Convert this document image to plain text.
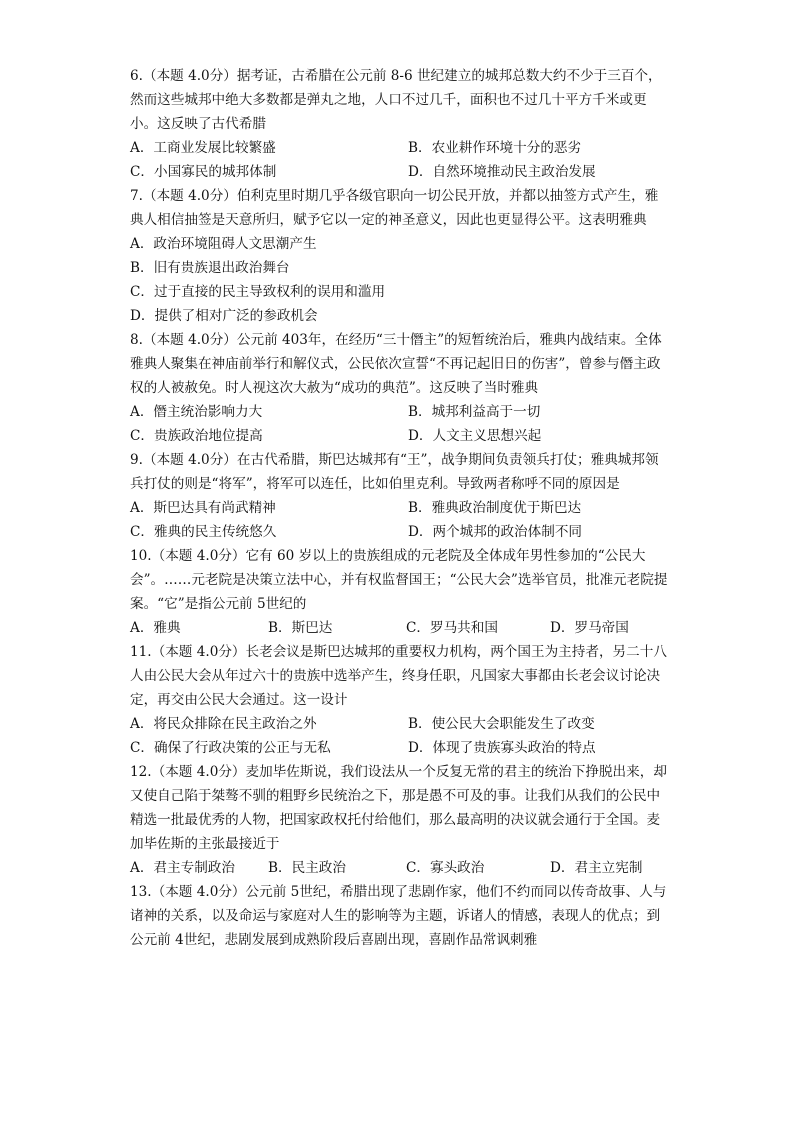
6.（本题 4.0分）据考证，古希腊在公元前 8-6 世纪建立的城邦总数大约不少于三百个，然而这些城邦中绝大多数都是弹丸之地，人口不过几千，面积也不过几十平方千米或更小。这反映了古代希腊

A．工商业发展比较繁盛	B．农业耕作环境十分的恶劣
C．小国寡民的城邦体制	D．自然环境推动民主政治发展

7.（本题 4.0分）伯利克里时期几乎各级官职向一切公民开放，并都以抽签方式产生，雅典人相信抽签是天意所归，赋予它以一定的神圣意义，因此也更显得公平。这表明雅典

A．政治环境阻碍人文思潮产生
B．旧有贵族退出政治舞台
C．过于直接的民主导致权利的误用和滥用
D．提供了相对广泛的参政机会

8.（本题 4.0分）公元前 403年，在经历“三十僭主”的短暂统治后，雅典内战结束。全体雅典人聚集在神庙前举行和解仪式，公民依次宣誓“不再记起旧日的伤害”，曾参与僭主政权的人被赦免。时人视这次大赦为“成功的典范”。这反映了当时雅典

A．僭主统治影响力大	B．城邦利益高于一切
C．贵族政治地位提高	D．人文主义思想兴起

9.（本题 4.0分）在古代希腊，斯巴达城邦有“王”，战争期间负责领兵打仗；雅典城邦领兵打仗的则是“将军”，将军可以连任，比如伯里克利。导致两者称呼不同的原因是

A．斯巴达具有尚武精神	B．雅典政治制度优于斯巴达
C．雅典的民主传统悠久	D．两个城邦的政治体制不同

10.（本题 4.0分）它有 60 岁以上的贵族组成的元老院及全体成年男性参加的“公民大会”。……元老院是决策立法中心，并有权监督国王；“公民大会”选举官员，批准元老院提案。“它”是指公元前 5世纪的

A．雅典	B．斯巴达	C．罗马共和国	D．罗马帝国

11.（本题 4.0分）长老会议是斯巴达城邦的重要权力机构，两个国王为主持者，另二十八人由公民大会从年过六十的贵族中选举产生，终身任职，凡国家大事都由长老会议讨论决定，再交由公民大会通过。这一设计

A．将民众排除在民主政治之外	B．使公民大会职能发生了改变
C．确保了行政决策的公正与无私	D．体现了贵族寡头政治的特点

12.（本题 4.0分）麦加毕佐斯说，我们设法从一个反复无常的君主的统治下挣脱出来，却又使自己陷于桀骜不驯的粗野乡民统治之下，那是愚不可及的事。让我们从我们的公民中精选一批最优秀的人物，把国家政权托付给他们，那么最高明的决议就会通行于全国。麦加毕佐斯的主张最接近于

A．君主专制政治	B．民主政治	C．寡头政治	D．君主立宪制

13.（本题 4.0分）公元前 5世纪，希腊出现了悲剧作家，他们不约而同以传奇故事、人与诸神的关系，以及命运与家庭对人生的影响等为主题，诉诸人的情感，表现人的优点；到公元前 4世纪，悲剧发展到成熟阶段后喜剧出现，喜剧作品常讽刺雅
